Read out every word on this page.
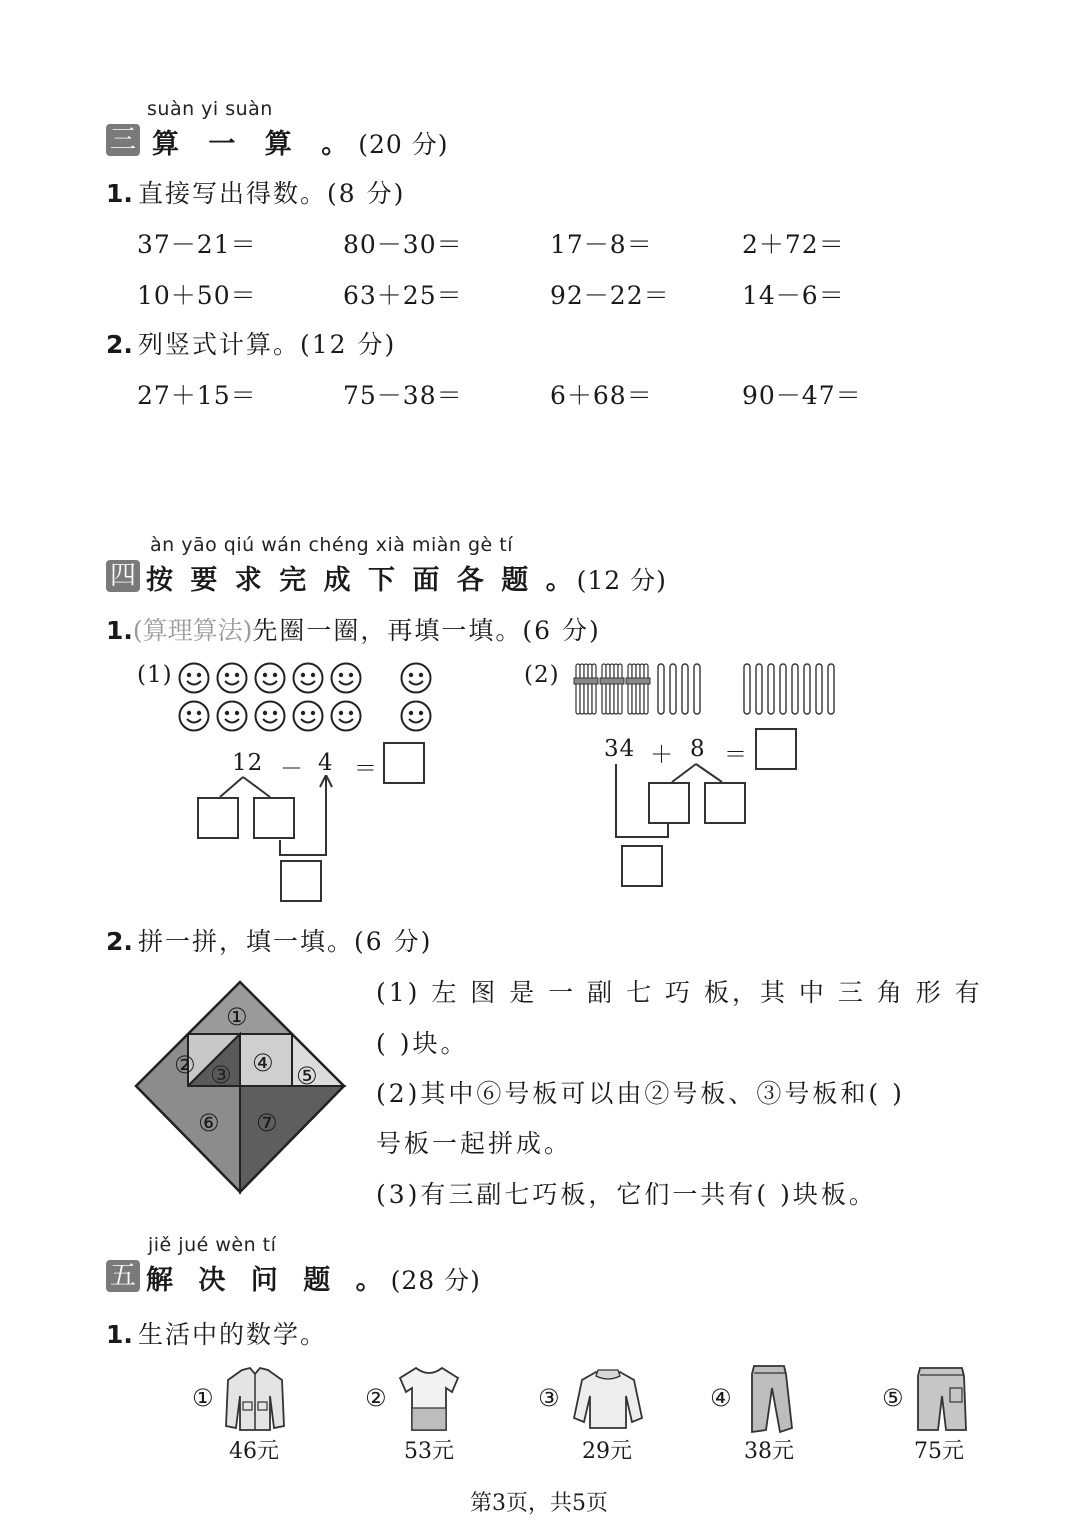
suàn yi suàn
三 算 一 算 。(20 分)
1. 直接写出得数。(8 分)
37－21＝	80－30＝	17－8＝	2＋72＝
10＋50＝	63＋25＝	92－22＝	14－6＝
2. 列竖式计算。(12 分)
27＋15＝	75－38＝	6＋68＝	90－47＝
àn yāo qiú wán chéng xià miàn gè tí
四 按 要 求 完 成 下 面 各 题 。(12 分)
1.(算理算法)先圈一圈，再填一填。(6 分)
(1)
12 － 4 ＝
(2)
34 ＋ 8 ＝
2. 拼一拼，填一填。(6 分)
①
② ③ ④ ⑤
⑥ ⑦
(1) 左 图 是 一 副 七 巧 板，其 中 三 角 形 有
( )块。
(2)其中⑥号板可以由②号板、③号板和( )
号板一起拼成。
(3)有三副七巧板，它们一共有( )块板。
jiě jué wèn tí
五 解 决 问 题 。(28 分)
1. 生活中的数学。
①
46元
②
53元
③
29元
④
38元
⑤
75元
第3页，共5页
